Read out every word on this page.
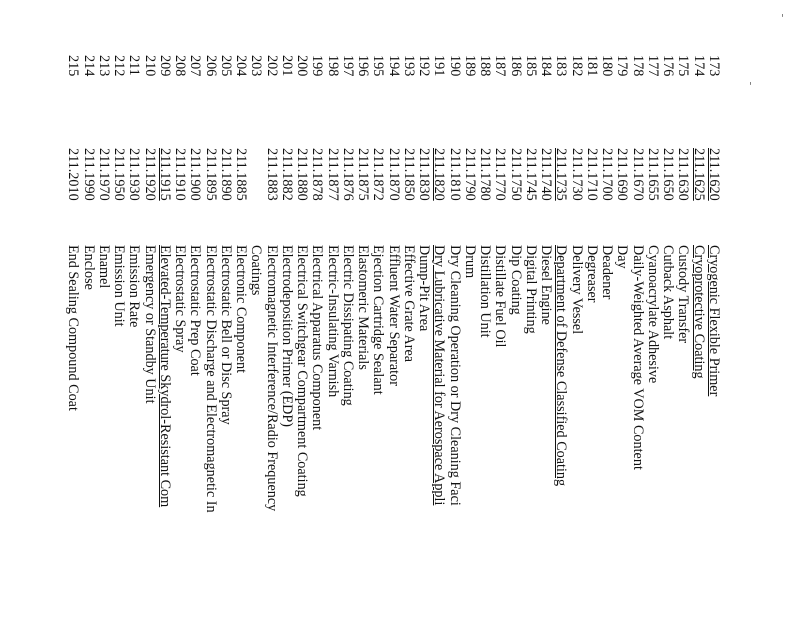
'
'
173
211.1620
Cryogenic Flexible Primer
174
211.1625
Cryoprotective Coating
175
211.1630
Custody Transfer
176
211.1650
Cutback Asphalt
177
211.1655
Cyanoacrylate Adhesive
178
211.1670
Daily-Weighted Average VOM Content
179
211.1690
Day
180
211.1700
Deadener
181
211.1710
Degreaser
182
211.1730
Delivery Vessel
183
211.1735
Department of Defense Classified Coating
184
211.1740
Diesel Engine
185
211.1745
Digital Printing
186
211.1750
Dip Coating
187
211.1770
Distillate Fuel Oil
188
211.1780
Distillation Unit
189
211.1790
Drum
190
211.1810
Dry Cleaning Operation or Dry Cleaning Faci
191
211.1820
Dry Lubricative Material for Aerospace Appli
192
211.1830
Dump-Pit Area
193
211.1850
Effective Grate Area
194
211.1870
Effluent Water Separator
195
211.1872
Ejection Cartridge Sealant
196
211.1875
Elastomeric Materials
197
211.1876
Electric Dissipating Coating
198
211.1877
Electric-Insulating Varnish
199
211.1878
Electrical Apparatus Component
200
211.1880
Electrical Switchgear Compartment Coating
201
211.1882
Electrodeposition Primer (EDP)
202
211.1883
Electromagnetic Interference/Radio Frequency
203
Coatings
204
211.1885
Electronic Component
205
211.1890
Electrostatic Bell or Disc Spray
206
211.1895
Electrostatic Discharge and Electromagnetic In
207
211.1900
Electrostatic Prep Coat
208
211.1910
Electrostatic Spray
209
211.1915
Elevated-Temperature Skydrol-Resistant Com
210
211.1920
Emergency or Standby Unit
211
211.1930
Emission Rate
212
211.1950
Emission Unit
213
211.1970
Enamel
214
211.1990
Enclose
215
211.2010
End Sealing Compound Coat
